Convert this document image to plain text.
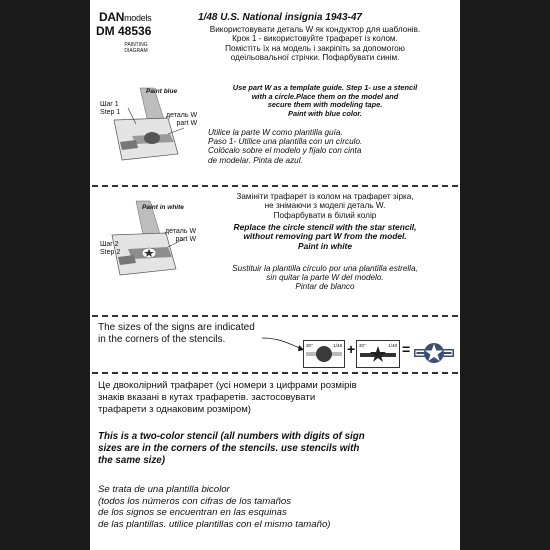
DANmodels
DM 48536
PAINTING
DIAGRAM
1/48 U.S. National insignia 1943-47
Використовувати деталь W як кондуктор для шаблонів.
Крок 1 - використовуйте трафарет із колом.
Помістіть їх на модель і закріпіть за допомогою
одеільовальної стрічки. Пофарбувати синім.
Use part W as a template guide. Step 1- use a stencil
with a circle.Place them on the model and
secure them with modeling tape.
Paint with blue color.
Utilice la parte W como plantilla guía.
Paso 1- Utilice una plantilla con un círculo.
Colócalo sobre el modelo y fíjalo con cinta
de modelar. Pinta de azul.
Шаг 1
Step 1
Paint blue
деталь W
part W
Замініти трафарет із колом на трафарет зірка,
не знімаючи з моделі деталь W.
Пофарбувати в білий колір
Replace the circle stencil with the star stencil,
without removing part W from the model.
Paint in white
Sustituir la plantilla círculo por una plantilla estrella,
sin quitar la parte W del modelo.
Pintar de blanco
Шаг 2
Step 2
Paint in white
деталь W
part W
The sizes of the signs are indicated
in the corners of the stencils.
30"	1/48 + 30"	1/48 =
Це двоколірний трафарет (усі номери з цифрами розмірів
знаків вказані в кутах трафаретів. застосовувати
трафарети з однаковим розміром)
This is a two-color stencil (all numbers with digits of sign
sizes are in the corners of the stencils. use stencils with
the same size)
Se trata de una plantilla bicolor
(todos los números con cifras de los tamaños
de los signos se encuentran en las esquinas
de las plantillas. utilice plantillas con el mismo tamaño)
